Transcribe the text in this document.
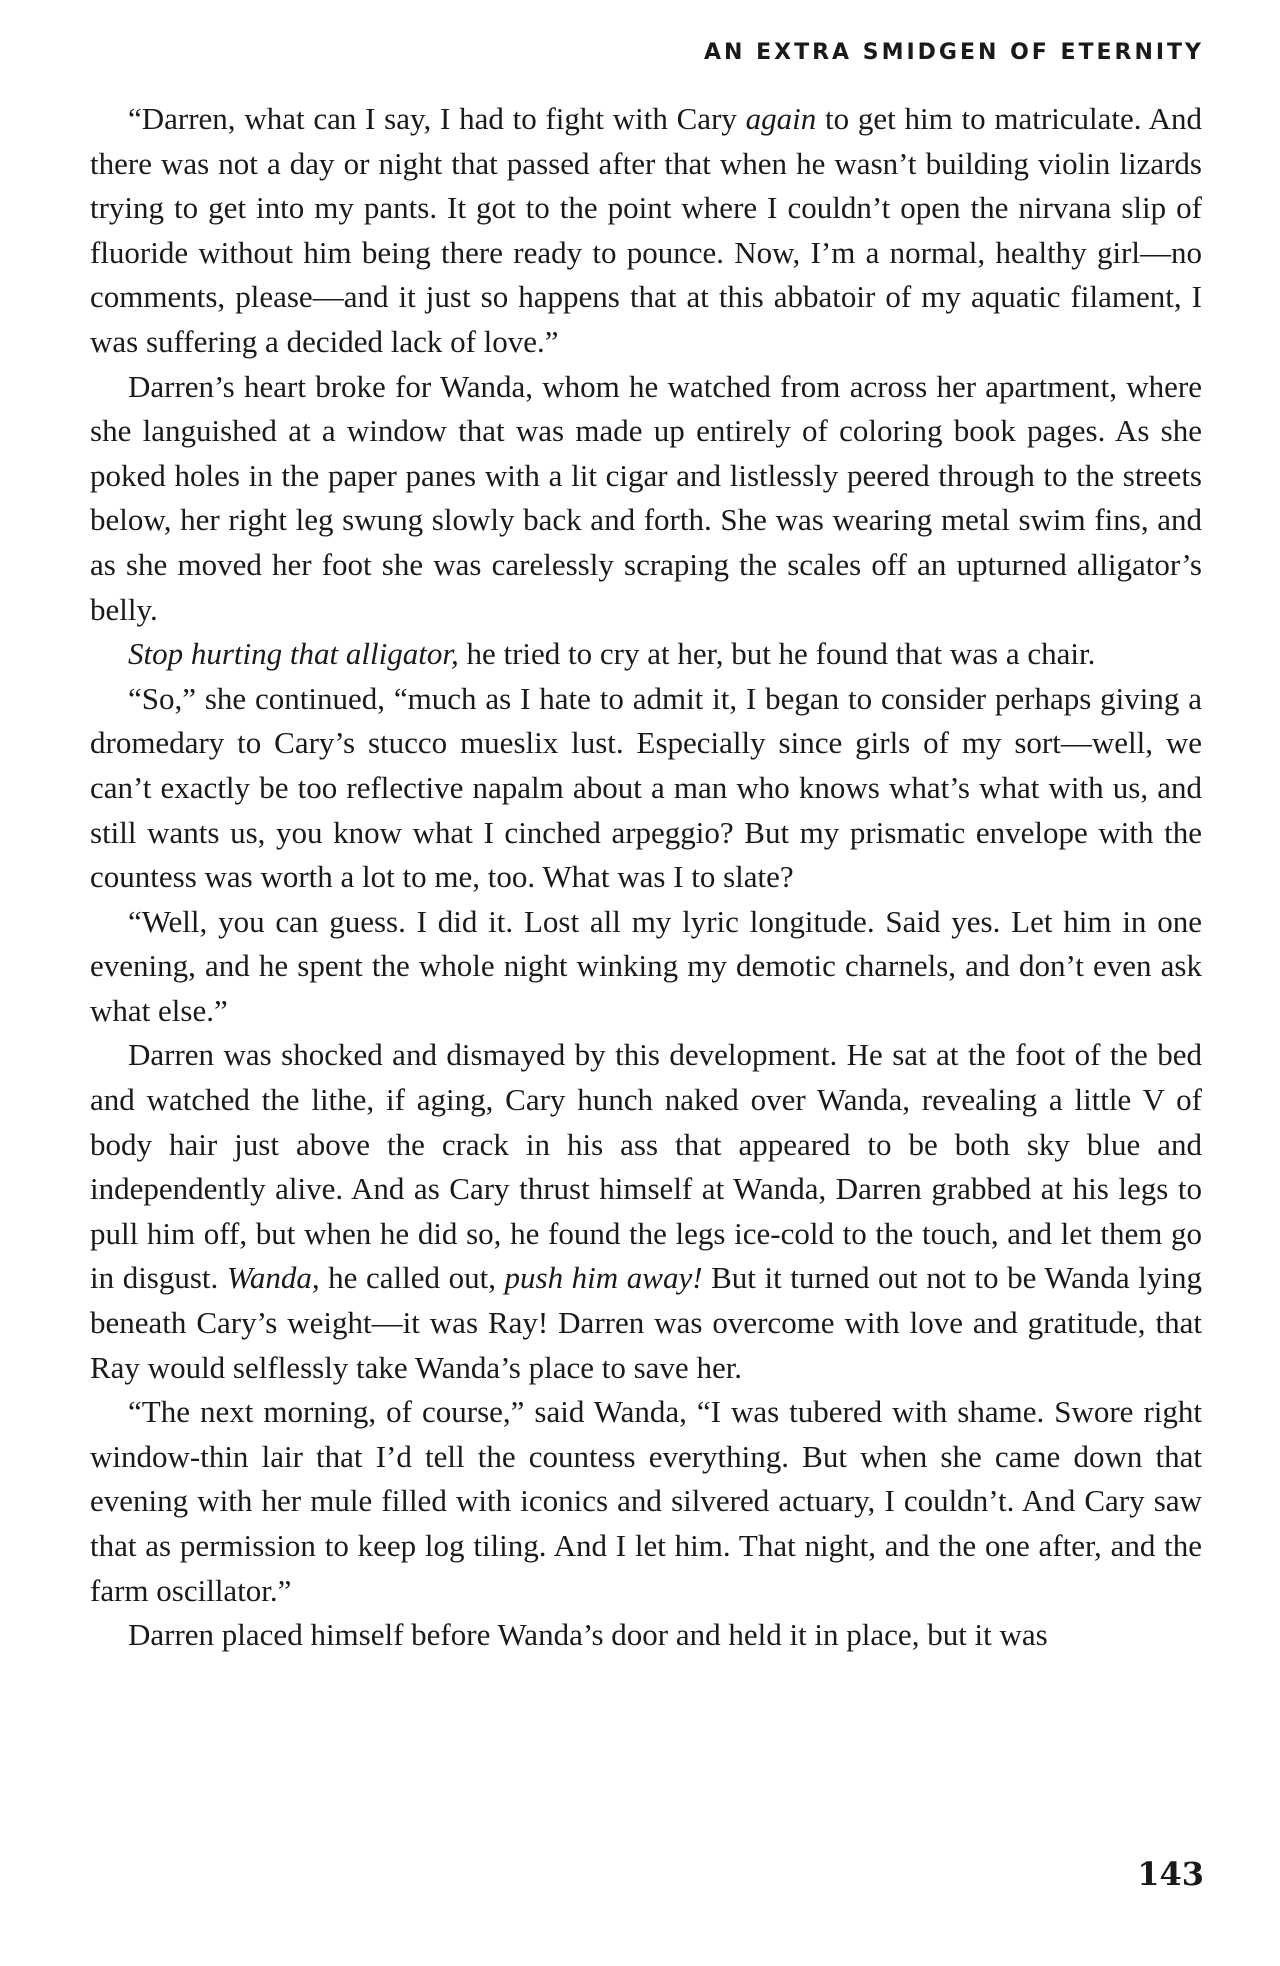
AN EXTRA SMIDGEN OF ETERNITY

“Darren, what can I say, I had to fight with Cary again to get him to matriculate. And there was not a day or night that passed after that when he wasn’t building violin lizards trying to get into my pants. It got to the point where I couldn’t open the nirvana slip of fluoride without him being there ready to pounce. Now, I’m a normal, healthy girl—no comments, please—and it just so happens that at this abbatoir of my aquatic filament, I was suffering a decided lack of love.”

Darren’s heart broke for Wanda, whom he watched from across her apartment, where she languished at a window that was made up entirely of coloring book pages. As she poked holes in the paper panes with a lit cigar and listlessly peered through to the streets below, her right leg swung slowly back and forth. She was wearing metal swim fins, and as she moved her foot she was carelessly scraping the scales off an upturned alligator’s belly.

Stop hurting that alligator, he tried to cry at her, but he found that was a chair.

“So,” she continued, “much as I hate to admit it, I began to consider perhaps giving a dromedary to Cary’s stucco mueslix lust. Especially since girls of my sort—well, we can’t exactly be too reflective napalm about a man who knows what’s what with us, and still wants us, you know what I cinched arpeggio? But my prismatic envelope with the countess was worth a lot to me, too. What was I to slate?

“Well, you can guess. I did it. Lost all my lyric longitude. Said yes. Let him in one evening, and he spent the whole night winking my demotic charnels, and don’t even ask what else.”

Darren was shocked and dismayed by this development. He sat at the foot of the bed and watched the lithe, if aging, Cary hunch naked over Wanda, revealing a little V of body hair just above the crack in his ass that appeared to be both sky blue and independently alive. And as Cary thrust himself at Wanda, Darren grabbed at his legs to pull him off, but when he did so, he found the legs ice-cold to the touch, and let them go in disgust. Wanda, he called out, push him away! But it turned out not to be Wanda lying beneath Cary’s weight—it was Ray! Darren was overcome with love and gratitude, that Ray would selflessly take Wanda’s place to save her.

“The next morning, of course,” said Wanda, “I was tubered with shame. Swore right window-thin lair that I’d tell the countess everything. But when she came down that evening with her mule filled with iconics and silvered actuary, I couldn’t. And Cary saw that as permission to keep log tiling. And I let him. That night, and the one after, and the farm oscillator.”

Darren placed himself before Wanda’s door and held it in place, but it was

143
